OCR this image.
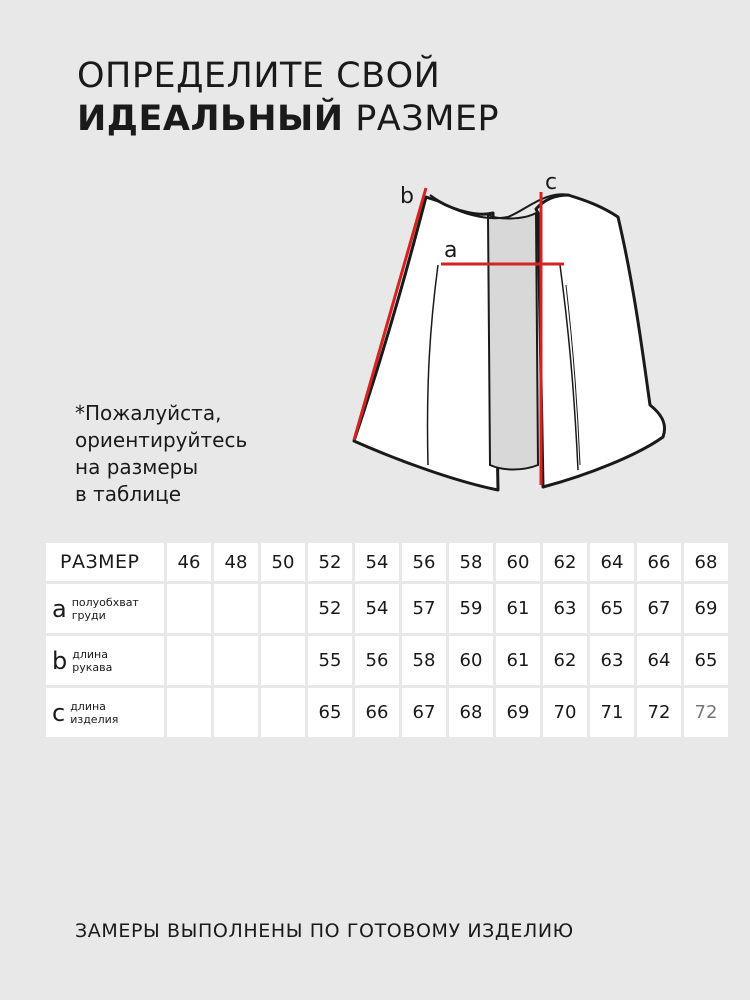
ОПРЕДЕЛИТЕ СВОЙ
ИДЕАЛЬНЫЙ РАЗМЕР
b
c
a
*Пожалуйста,
ориентируйтесь
на размеры
в таблице
РАЗМЕР	46	48	50	52	54	56	58	60	62	64	66	68

a полуобхват
груди				52	54	57	59	61	63	65	67	69

b длина
рукава				55	56	58	60	61	62	63	64	65

c длина
изделия				65	66	67	68	69	70	71	72	72
ЗАМЕРЫ ВЫПОЛНЕНЫ ПО ГОТОВОМУ ИЗДЕЛИЮ
